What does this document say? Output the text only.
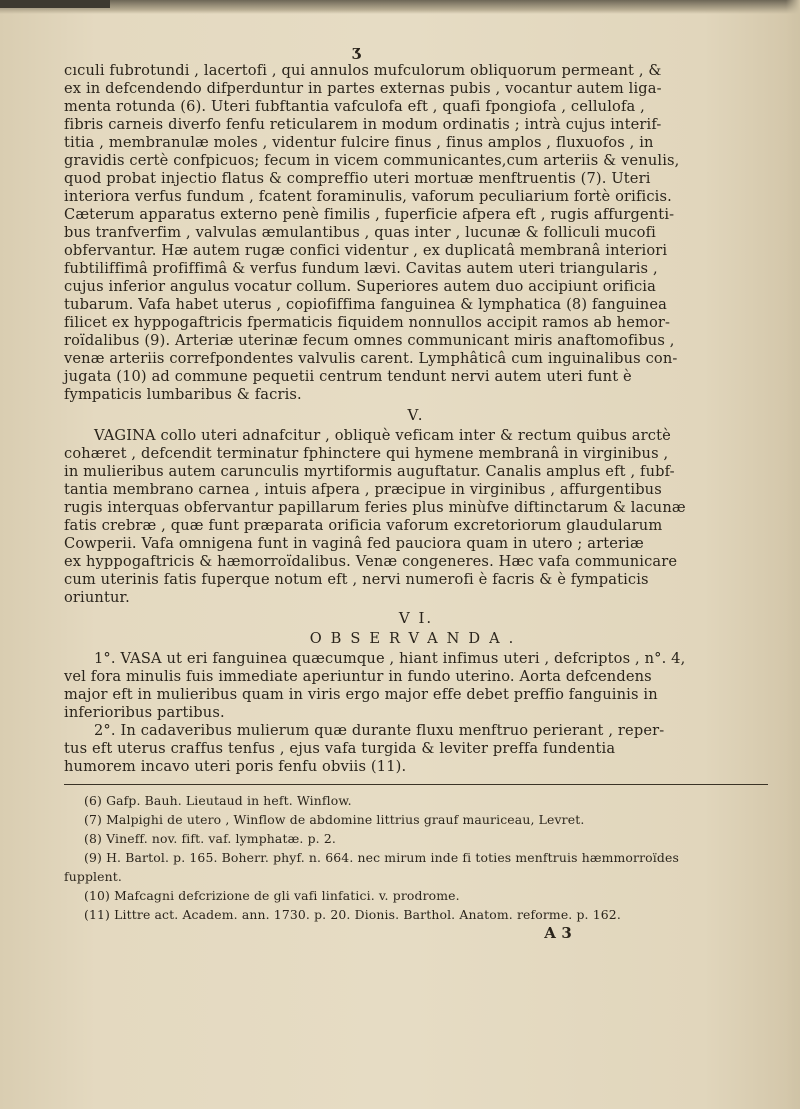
ʒ

cıculi fubrotundi , lacertofi , qui annulos mufculorum obliquorum permeant , &

ex in defcendendo difperduntur in partes externas pubis , vocantur autem liga-

menta rotunda (6). Uteri fubftantia vafculofa eft , quafi fpongiofa , cellulofa ,

fibris carneis diverfo fenfu reticularem in modum ordinatis ; intrà cujus interif-

titia , membranulæ moles , videntur fulcire finus , finus amplos , fluxuofos , in

gravidis certè confpicuos; fecum in vicem communicantes,cum arteriis & venulis,

quod probat injectio flatus & compreffio uteri mortuæ menftruentis (7). Uteri

interiora verfus fundum , fcatent foraminulis, vaforum peculiarium fortè orificis.

Cæterum apparatus externo penè fimilis , fuperficie afpera eft , rugis affurgenti-

bus tranfverfim , valvulas æmulantibus , quas inter , lucunæ & folliculi mucofi

obfervantur. Hæ autem rugæ confici videntur , ex duplicatâ membranâ interiori

fubtiliffimâ profiffimâ & verfus fundum lævi. Cavitas autem uteri triangularis ,

cujus inferior angulus vocatur collum. Superiores autem duo accipiunt orificia

tubarum. Vafa habet uterus , copiofiffima fanguinea & lymphatica (8) fanguinea

filicet ex hyppogaftricis fpermaticis fiquidem nonnullos accipit ramos ab hemor-

roïdalibus (9). Arteriæ uterinæ fecum omnes communicant miris anaftomofibus ,

venæ arteriis correfpondentes valvulis carent. Lymphâticâ cum inguinalibus con-

jugata (10) ad commune pequetii centrum tendunt nervi autem uteri funt è

fympaticis lumbaribus & facris.

V.

VAGINA collo uteri adnafcitur , obliquè veficam inter & rectum quibus arctè

cohæret , defcendit terminatur fphinctere qui hymene membranâ in virginibus ,

in mulieribus autem carunculis myrtiformis auguftatur. Canalis amplus eft , fubf-

tantia membrano carnea , intuis afpera , præcipue in virginibus , affurgentibus

rugis interquas obfervantur papillarum feries plus minùfve diftinctarum & lacunæ

fatis crebræ , quæ funt præparata orificia vaforum excretoriorum glaudularum

Cowperii. Vafa omnigena funt in vaginâ fed pauciora quam in utero ; arteriæ

ex hyppogaftricis & hæmorroïdalibus. Venæ congeneres. Hæc vafa communicare

cum uterinis fatis fuperque notum eft , nervi numerofi è facris & è fympaticis

oriuntur.

V I.
OBSERVANDA.

1°. VASA ut eri fanguinea quæcumque , hiant infimus uteri , defcriptos , n°. 4,

vel fora minulis fuis immediate aperiuntur in fundo uterino. Aorta defcendens

major eft in mulieribus quam in viris ergo major effe debet preffio fanguinis in

inferioribus partibus.

2°. In cadaveribus mulierum quæ durante fluxu menftruo perierant , reper-

tus eft uterus craffus tenfus , ejus vafa turgida & leviter preffa fundentia

humorem incavo uteri poris fenfu obviis (11).

(6) Gafp. Bauh. Lieutaud in heft. Winflow.

(7) Malpighi de utero , Winflow de abdomine littrius grauf mauriceau, Levret.

(8) Vineff. nov. fift. vaf. lymphatæ. p. 2.

(9) H. Bartol. p. 165. Boherr. phyf. n. 664. nec mirum inde fi toties menftruis hæmmorroïdes

fupplent.

(10) Mafcagni defcrizione de gli vafi linfatici. v. prodrome.

(11) Littre act. Academ. ann. 1730. p. 20. Dionis. Barthol. Anatom. reforme. p. 162.

A 3
